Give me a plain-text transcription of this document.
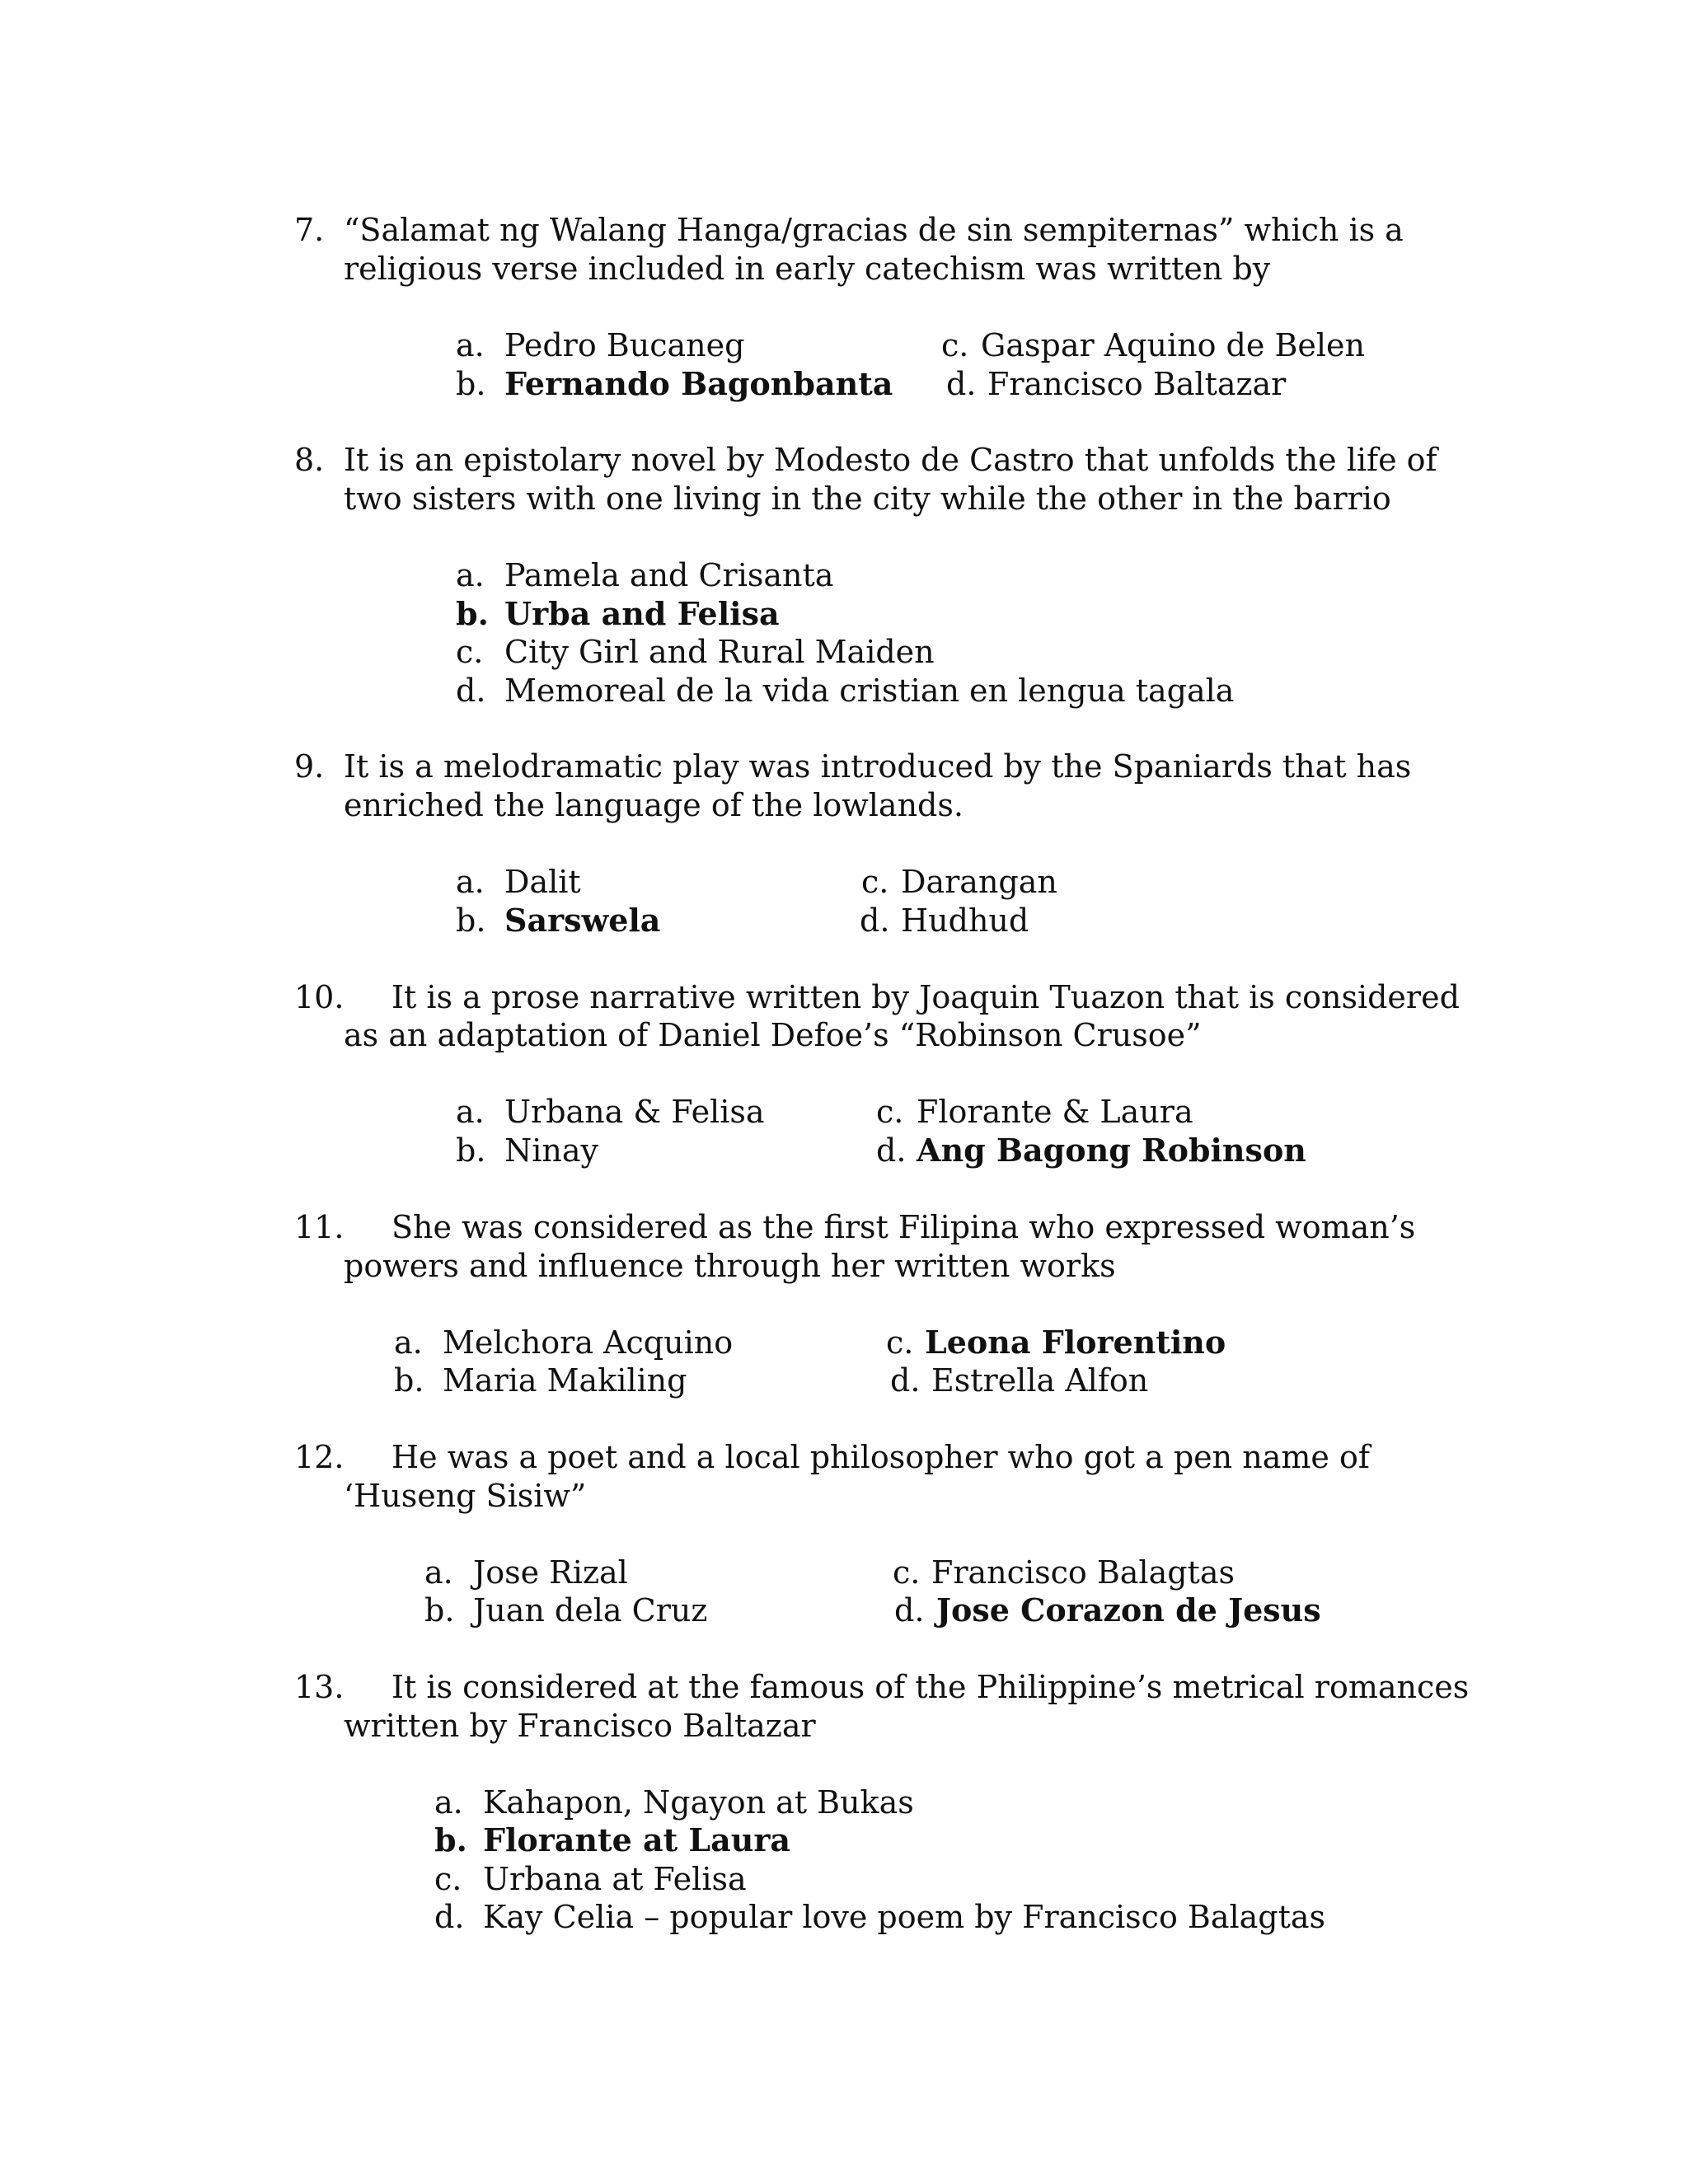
7. “Salamat ng Walang Hanga/gracias de sin sempiternas” which is a
religious verse included in early catechism was written by
a. Pedro Bucaneg	c. Gaspar Aquino de Belen
b. Fernando Bagonbanta d. Francisco Baltazar
8. It is an epistolary novel by Modesto de Castro that unfolds the life of
two sisters with one living in the city while the other in the barrio
a. Pamela and Crisanta
b. Urba and Felisa
c. City Girl and Rural Maiden
d. Memoreal de la vida cristian en lengua tagala
9. It is a melodramatic play was introduced by the Spaniards that has
enriched the language of the lowlands.
a. Dalit	c. Darangan
b. Sarswela	d. Hudhud
10. It is a prose narrative written by Joaquin Tuazon that is considered
as an adaptation of Daniel Defoe’s “Robinson Crusoe”
a. Urbana & Felisa	c. Florante & Laura
b. Ninay	d. Ang Bagong Robinson
11. She was considered as the first Filipina who expressed woman’s
powers and influence through her written works
a. Melchora Acquino	c. Leona Florentino
b. Maria Makiling	d. Estrella Alfon
12. He was a poet and a local philosopher who got a pen name of
‘Huseng Sisiw”
a. Jose Rizal	c. Francisco Balagtas
b. Juan dela Cruz	d. Jose Corazon de Jesus
13. It is considered at the famous of the Philippine’s metrical romances
written by Francisco Baltazar
a. Kahapon, Ngayon at Bukas
b. Florante at Laura
c. Urbana at Felisa
d. Kay Celia – popular love poem by Francisco Balagtas
